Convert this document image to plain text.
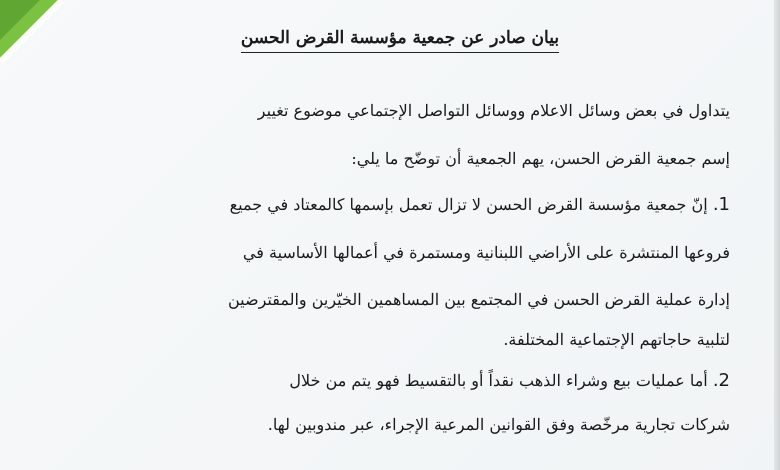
بيان صادر عن جمعية مؤسسة القرض الحسن
يتداول في بعض وسائل الاعلام ووسائل التواصل الإجتماعي موضوع تغيير
إسم جمعية القرض الحسن، يهم الجمعية أن توضّح ما يلي:
1. إنّ جمعية مؤسسة القرض الحسن لا تزال تعمل بإسمها كالمعتاد في جميع
فروعها المنتشرة على الأراضي اللبنانية ومستمرة في أعمالها الأساسية في
إدارة عملية القرض الحسن في المجتمع بين المساهمين الخيّرين والمقترضين
لتلبية حاجاتهم الإجتماعية المختلفة.
2. أما عمليات بيع وشراء الذهب نقداً أو بالتقسيط فهو يتم من خلال
شركات تجارية مرخّصة وفق القوانين المرعية الإجراء، عبر مندوبين لها.
